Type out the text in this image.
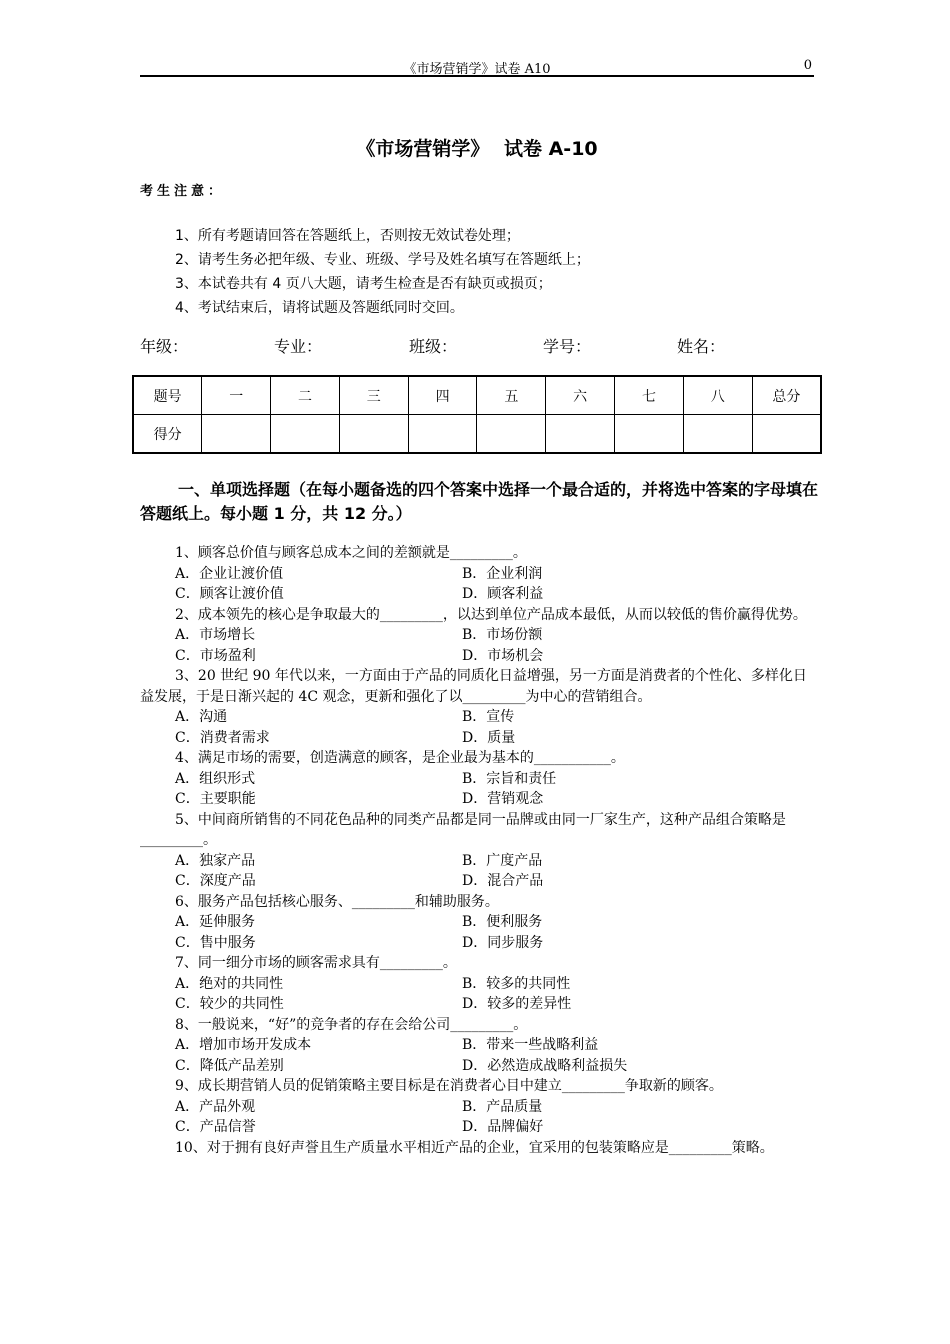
《市场营销学》试卷 A10	0
《市场营销学》 试卷 A-10
考生注意：
1、所有考题请回答在答题纸上，否则按无效试卷处理；
2、请考生务必把年级、专业、班级、学号及姓名填写在答题纸上；
3、本试卷共有 4 页八大题，请考生检查是否有缺页或损页；
4、考试结束后，请将试题及答题纸同时交回。
年级：	专业：	班级：	学号：	姓名：
题号	一	二	三	四	五	六	七	八	总分
得分									
一、单项选择题（在每小题备选的四个答案中选择一个最合适的，并将选中答案的字母填在答题纸上。每小题 1 分，共 12 分。）
1、顾客总价值与顾客总成本之间的差额就是_________。
A．企业让渡价值	B．企业利润
C．顾客让渡价值	D．顾客利益
2、成本领先的核心是争取最大的_________，以达到单位产品成本最低，从而以较低的售价赢得优势。
A．市场增长	B．市场份额
C．市场盈利	D．市场机会
3、20 世纪 90 年代以来，一方面由于产品的同质化日益增强，另一方面是消费者的个性化、多样化日益发展，于是日渐兴起的 4C 观念，更新和强化了以_________为中心的营销组合。
A．沟通	B．宣传
C．消费者需求	D．质量
4、满足市场的需要，创造满意的顾客，是企业最为基本的___________。
A．组织形式	B．宗旨和责任
C．主要职能	D．营销观念
5、中间商所销售的不同花色品种的同类产品都是同一品牌或由同一厂家生产，这种产品组合策略是_________。
A．独家产品	B．广度产品
C．深度产品	D．混合产品
6、服务产品包括核心服务、_________和辅助服务。
A．延伸服务	B．便利服务
C．售中服务	D．同步服务
7、同一细分市场的顾客需求具有_________。
A．绝对的共同性	B．较多的共同性
C．较少的共同性	D．较多的差异性
8、一般说来，“好”的竞争者的存在会给公司_________。
A．增加市场开发成本	B．带来一些战略利益
C．降低产品差别	D．必然造成战略利益损失
9、成长期营销人员的促销策略主要目标是在消费者心目中建立_________争取新的顾客。
A．产品外观	B．产品质量
C．产品信誉	D．品牌偏好
10、对于拥有良好声誉且生产质量水平相近产品的企业，宜采用的包装策略应是_________策略。
